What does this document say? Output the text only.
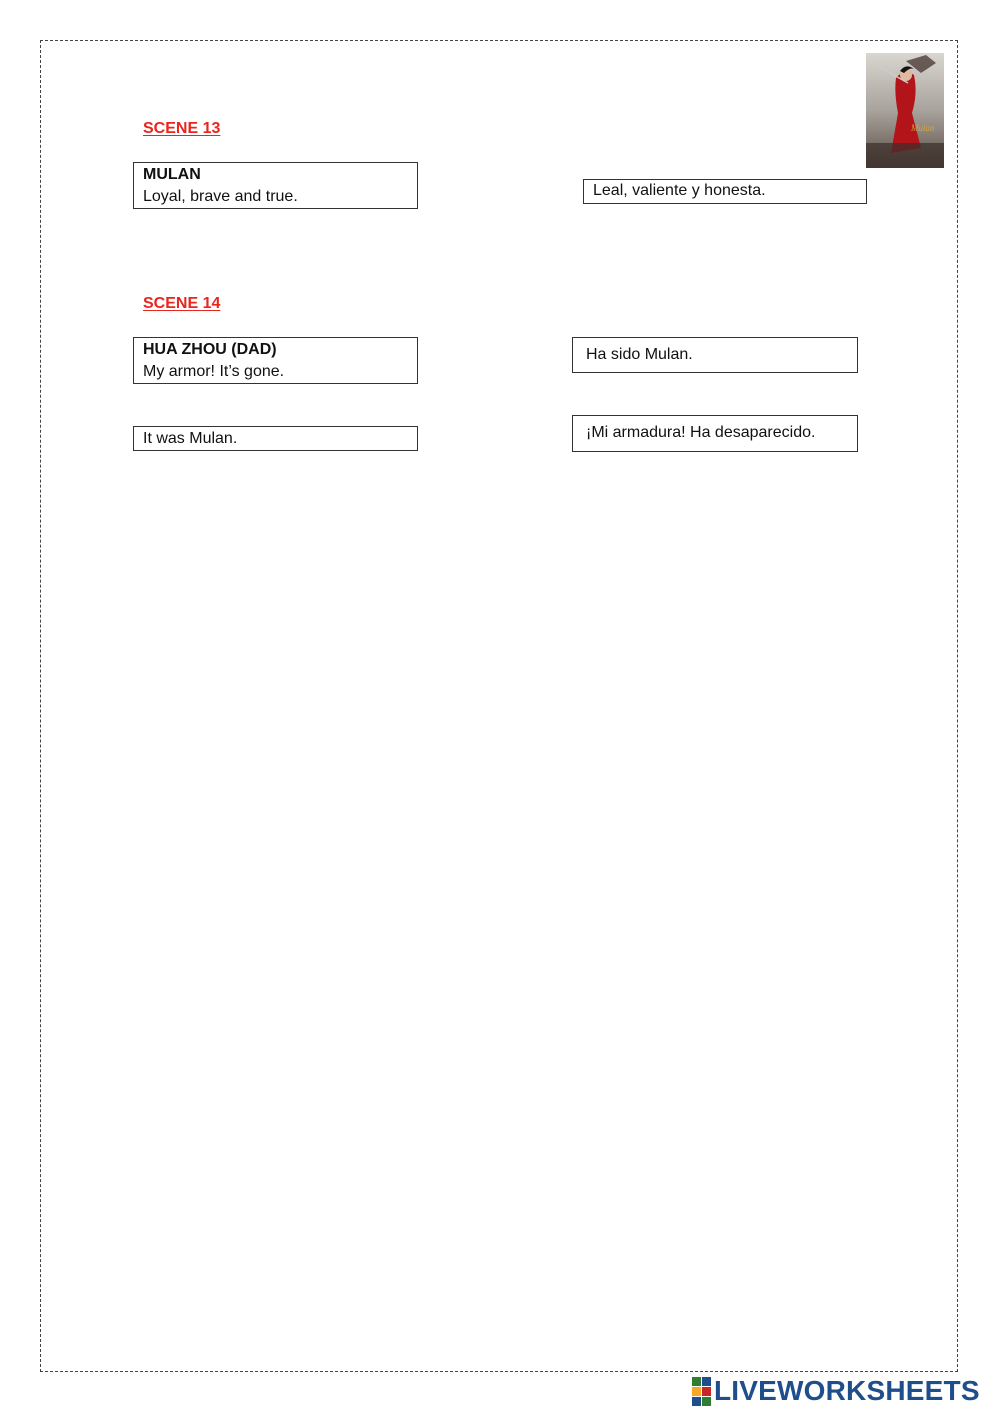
Mulan
SCENE 13
MULAN
Loyal, brave and true.	Leal, valiente y honesta.
SCENE 14
HUA ZHOU (DAD)
My armor! It’s gone.
Ha sido Mulan.
It was Mulan.	¡Mi armadura! Ha desaparecido.
LIVEWORKSHEETS
